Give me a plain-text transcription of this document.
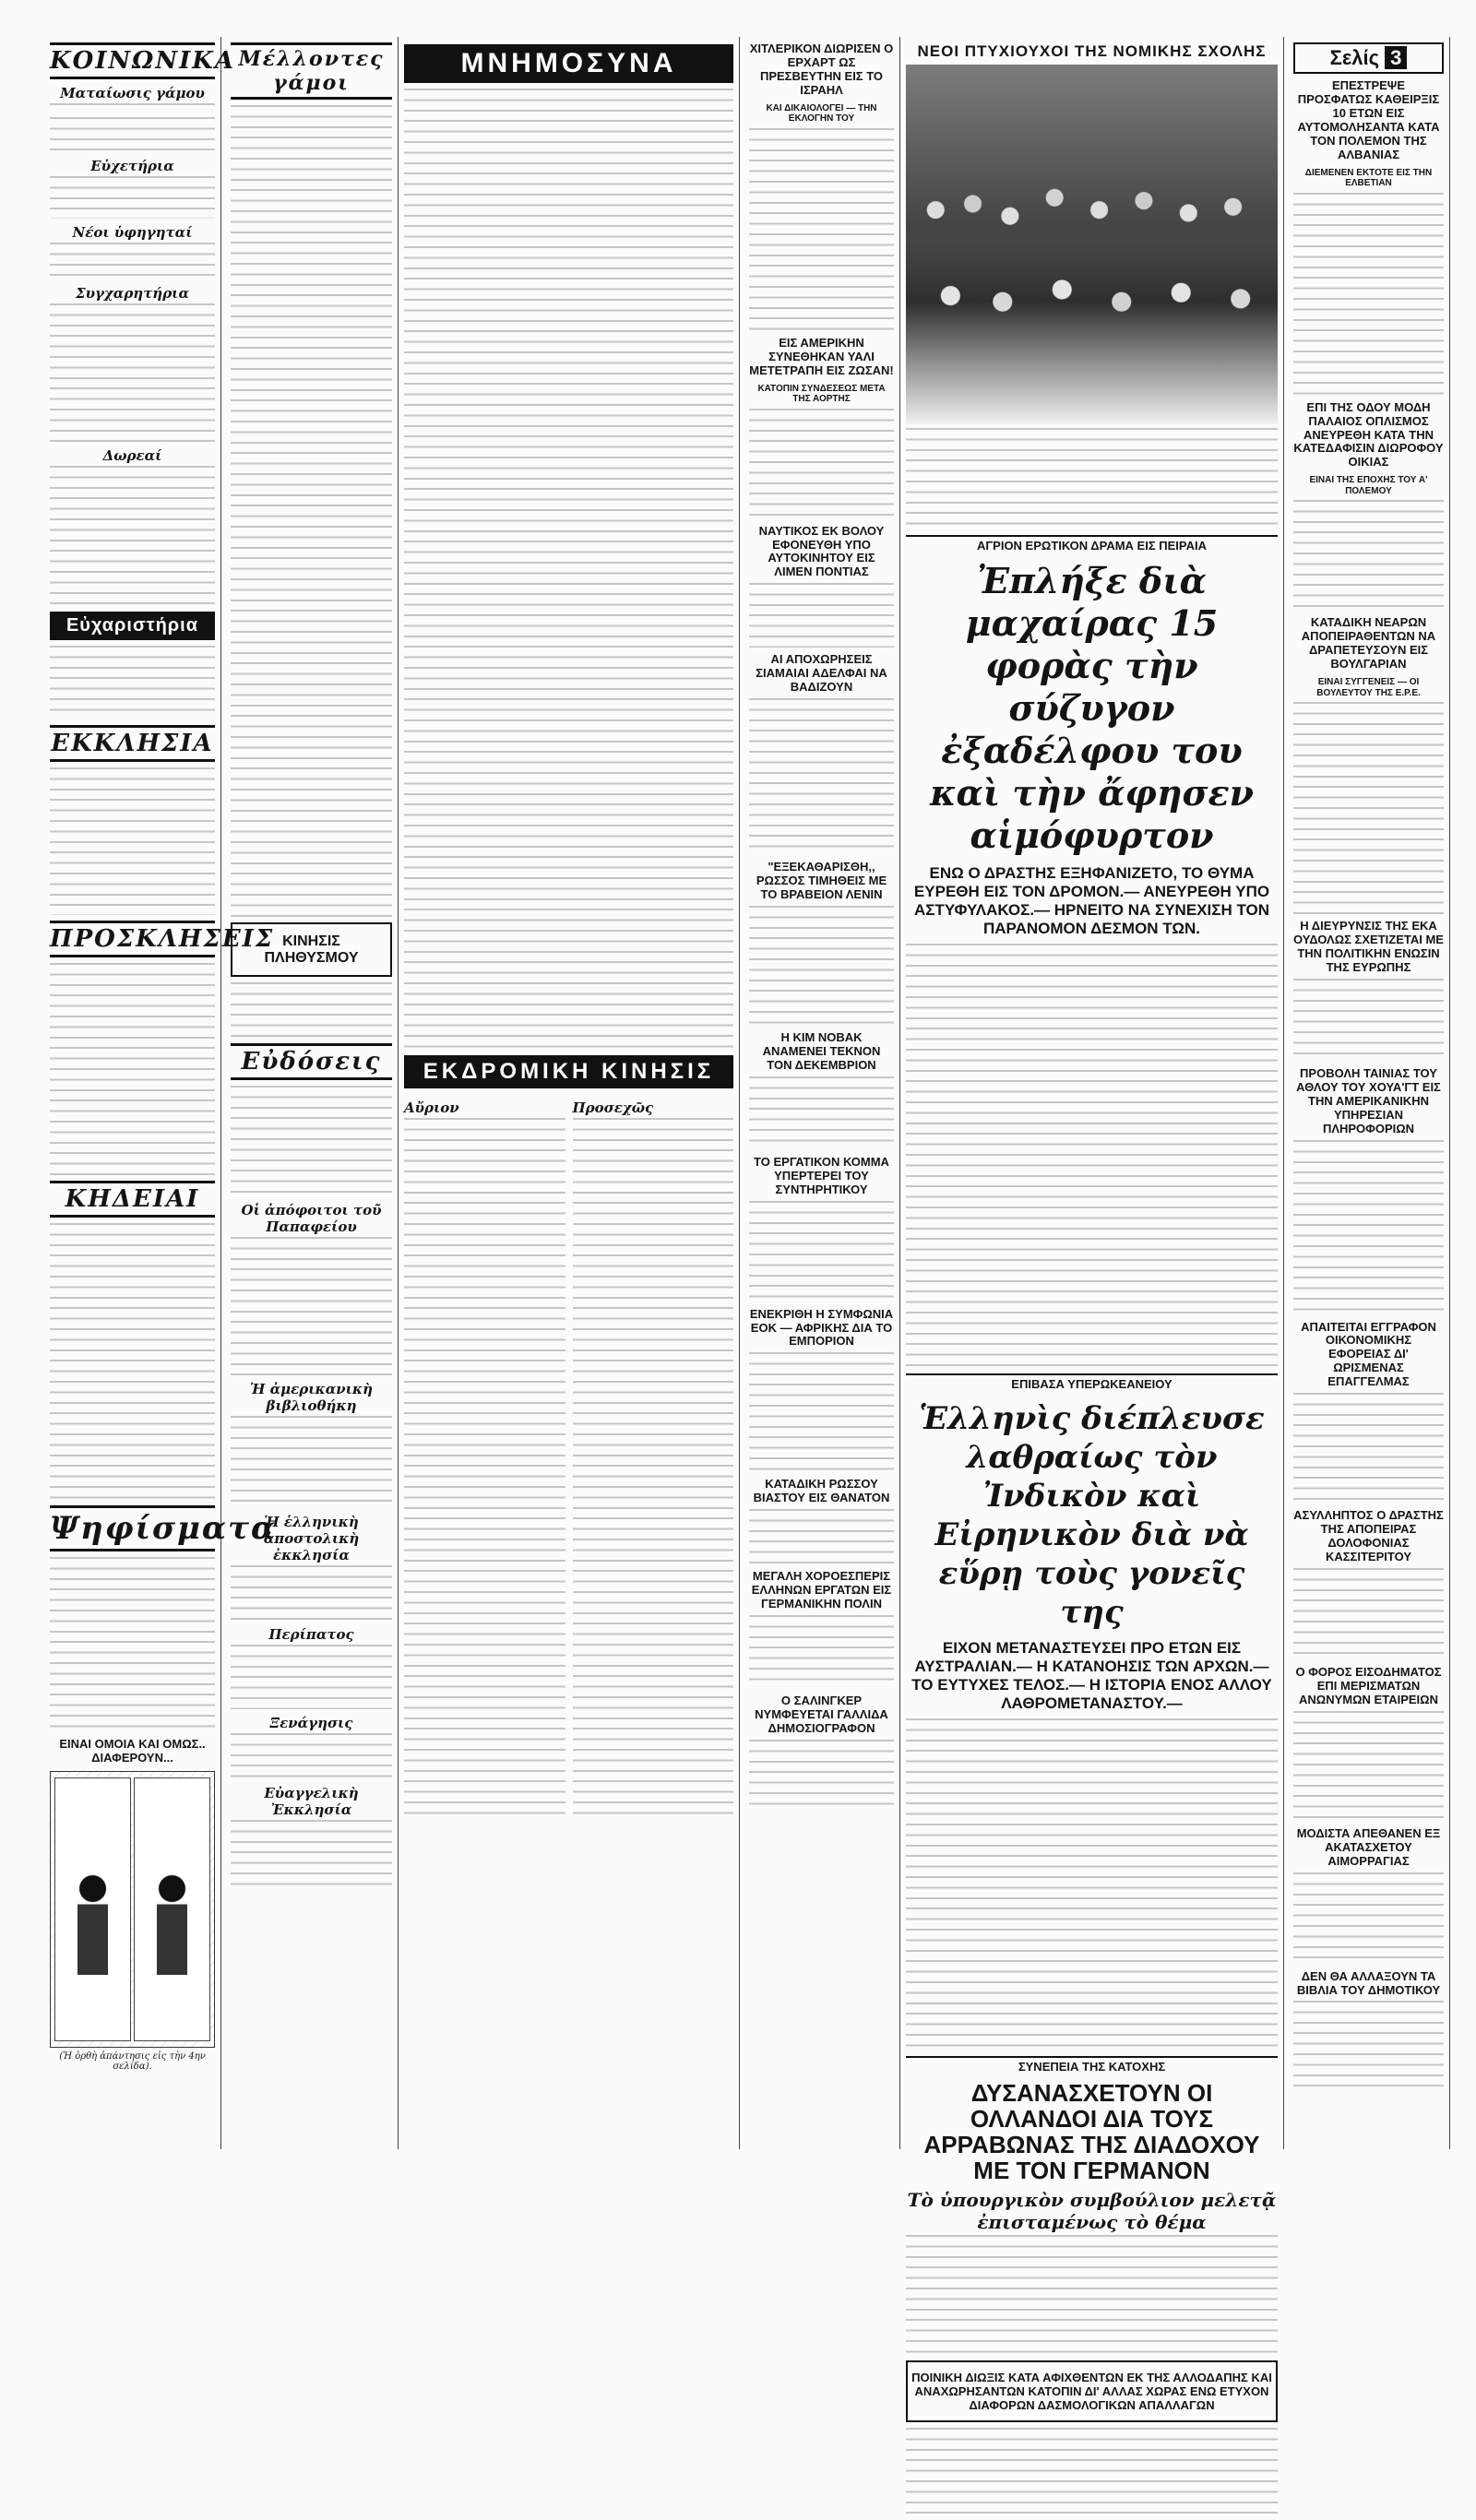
ΚΟΙΝΩΝΙΚΑ
Ματαίωσις γάμου

Εὐχετήρια

Νέοι ὑφηγηταί

Συγχαρητήρια

Δωρεαί

Εὐχαριστήρια

ΕΚΚΛΗΣΙΑ

ΠΡΟΣΚΛΗΣΕΙΣ

ΚΗΔΕΙΑΙ

Ψηφίσματα

ΕΙΝΑΙ ΟΜΟΙΑ ΚΑΙ ΟΜΩΣ.. ΔΙΑΦΕΡΟΥΝ...
(Ἡ ὀρθὴ ἀπάντησις εἰς τὴν 4ην σελίδα).
Μέλλοντες γάμοι

ΚΙΝΗΣΙΣ ΠΛΗΘΥΣΜΟΥ

Εὐδόσεις

Οἱ ἀπόφοιτοι τοῦ Παπαφείου

Ἡ ἀμερικανικὴ βιβλιοθήκη

Ἡ ἑλληνικὴ ἀποστολικὴ ἐκκλησία

Περίπατος

Ξενάγησις

Εὐαγγελικὴ Ἐκκλησία

ΜΝΗΜΟΣΥΝΑ

ΕΚΔΡΟΜΙΚΗ ΚΙΝΗΣΙΣ
Αὔριον	Προσεχῶς

ΧΙΤΛΕΡΙΚΟΝ ΔΙΩΡΙΣΕΝ Ο ΕΡΧΑΡΤ ΩΣ ΠΡΕΣΒΕΥΤΗΝ ΕΙΣ ΤΟ ΙΣΡΑΗΛ
ΚΑΙ ΔΙΚΑΙΟΛΟΓΕΙ — ΤΗΝ ΕΚΛΟΓΗΝ ΤΟΥ

ΕΙΣ ΑΜΕΡΙΚΗΝ ΣΥΝΕΘΗΚΑΝ ΥΑΛΙ ΜΕΤΕΤΡΑΠΗ ΕΙΣ ΖΩΣΑΝ!
ΚΑΤΟΠΙΝ ΣΥΝΔΕΣΕΩΣ ΜΕΤΑ ΤΗΣ ΑΟΡΤΗΣ

ΝΑΥΤΙΚΟΣ ΕΚ ΒΟΛΟΥ ΕΦΟΝΕΥΘΗ ΥΠΟ ΑΥΤΟΚΙΝΗΤΟΥ ΕΙΣ ΛΙΜΕΝ ΠΟΝΤΙΑΣ

ΑΙ ΑΠΟΧΩΡΗΣΕΙΣ ΣΙΑΜΑΙΑΙ ΑΔΕΛΦΑΙ ΝΑ ΒΑΔΙΖΟΥΝ

"ΕΞΕΚΑΘΑΡΙΣΘΗ,, ΡΩΣΣΟΣ ΤΙΜΗΘΕΙΣ ΜΕ ΤΟ ΒΡΑΒΕΙΟΝ ΛΕΝΙΝ

Η ΚΙΜ ΝΟΒΑΚ ΑΝΑΜΕΝΕΙ ΤΕΚΝΟΝ ΤΟΝ ΔΕΚΕΜΒΡΙΟΝ

ΤΟ ΕΡΓΑΤΙΚΟΝ ΚΟΜΜΑ ΥΠΕΡΤΕΡΕΙ ΤΟΥ ΣΥΝΤΗΡΗΤΙΚΟΥ

ΕΝΕΚΡΙΘΗ Η ΣΥΜΦΩΝΙΑ ΕΟΚ — ΑΦΡΙΚΗΣ ΔΙΑ ΤΟ ΕΜΠΟΡΙΟΝ

ΚΑΤΑΔΙΚΗ ΡΩΣΣΟΥ ΒΙΑΣΤΟΥ ΕΙΣ ΘΑΝΑΤΟΝ

ΜΕΓΑΛΗ ΧΟΡΟΕΣΠΕΡΙΣ ΕΛΛΗΝΩΝ ΕΡΓΑΤΩΝ ΕΙΣ ΓΕΡΜΑΝΙΚΗΝ ΠΟΛΙΝ

Ο ΣΑΛΙΝΓΚΕΡ ΝΥΜΦΕΥΕΤΑΙ ΓΑΛΛΙΔΑ ΔΗΜΟΣΙΟΓΡΑΦΟΝ

ΝΕΟΙ ΠΤΥΧΙΟΥΧΟΙ ΤΗΣ ΝΟΜΙΚΗΣ ΣΧΟΛΗΣ

ΑΓΡΙΟΝ ΕΡΩΤΙΚΟΝ ΔΡΑΜΑ ΕΙΣ ΠΕΙΡΑΙΑ
Ἐπλήξε διὰ μαχαίρας 15 φορὰς τὴν σύζυγον ἐξαδέλφου του καὶ τὴν ἄφησεν αἱμόφυρτον
ΕΝΩ Ο ΔΡΑΣΤΗΣ ΕΞΗΦΑΝΙΖΕΤΟ, ΤΟ ΘΥΜΑ ΕΥΡΕΘΗ ΕΙΣ ΤΟΝ ΔΡΟΜΟΝ.— ΑΝΕΥΡΕΘΗ ΥΠΟ ΑΣΤΥΦΥΛΑΚΟΣ.— ΗΡΝΕΙΤΟ ΝΑ ΣΥΝΕΧΙΣΗ ΤΟΝ ΠΑΡΑΝΟΜΟΝ ΔΕΣΜΟΝ ΤΩΝ.

ΕΠΙΒΑΣΑ ΥΠΕΡΩΚΕΑΝΕΙΟΥ
Ἑλληνὶς διέπλευσε λαθραίως τὸν Ἰνδικὸν καὶ Εἰρηνικὸν διὰ νὰ εὕρῃ τοὺς γονεῖς της
ΕΙΧΟΝ ΜΕΤΑΝΑΣΤΕΥΣΕΙ ΠΡΟ ΕΤΩΝ ΕΙΣ ΑΥΣΤΡΑΛΙΑΝ.— Η ΚΑΤΑΝΟΗΣΙΣ ΤΩΝ ΑΡΧΩΝ.— ΤΟ ΕΥΤΥΧΕΣ ΤΕΛΟΣ.— Η ΙΣΤΟΡΙΑ ΕΝΟΣ ΑΛΛΟΥ ΛΑΘΡΟΜΕΤΑΝΑΣΤΟΥ.—

ΣΥΝΕΠΕΙΑ ΤΗΣ ΚΑΤΟΧΗΣ
ΔΥΣΑΝΑΣΧΕΤΟΥΝ ΟΙ ΟΛΛΑΝΔΟΙ ΔΙΑ ΤΟΥΣ ΑΡΡΑΒΩΝΑΣ ΤΗΣ ΔΙΑΔΟΧΟΥ ΜΕ ΤΟΝ ΓΕΡΜΑΝΟΝ
Τὸ ὑπουργικὸν συμβούλιον μελετᾷ ἐπισταμένως τὸ θέμα

ΠΟΙΝΙΚΗ ΔΙΩΞΙΣ ΚΑΤΑ ΑΦΙΧΘΕΝΤΩΝ ΕΚ ΤΗΣ ΑΛΛΟΔΑΠΗΣ ΚΑΙ ΑΝΑΧΩΡΗΣΑΝΤΩΝ ΚΑΤΟΠΙΝ ΔΙ' ΑΛΛΑΣ ΧΩΡΑΣ ΕΝΩ ΕΤΥΧΟΝ ΔΙΑΦΟΡΩΝ ΔΑΣΜΟΛΟΓΙΚΩΝ ΑΠΑΛΛΑΓΩΝ

Σελίς 3
ΕΠΕΣΤΡΕΨΕ ΠΡΟΣΦΑΤΩΣ ΚΑΘΕΙΡΞΙΣ 10 ΕΤΩΝ ΕΙΣ ΑΥΤΟΜΟΛΗΣΑΝΤΑ ΚΑΤΑ ΤΟΝ ΠΟΛΕΜΟΝ ΤΗΣ ΑΛΒΑΝΙΑΣ
ΔΙΕΜΕΝΕΝ ΕΚΤΟΤΕ ΕΙΣ ΤΗΝ ΕΛΒΕΤΙΑΝ

ΕΠΙ ΤΗΣ ΟΔΟΥ ΜΟΔΗ ΠΑΛΑΙΟΣ ΟΠΛΙΣΜΟΣ ΑΝΕΥΡΕΘΗ ΚΑΤΑ ΤΗΝ ΚΑΤΕΔΑΦΙΣΙΝ ΔΙΩΡΟΦΟΥ ΟΙΚΙΑΣ
ΕΙΝΑΙ ΤΗΣ ΕΠΟΧΗΣ ΤΟΥ Α' ΠΟΛΕΜΟΥ

ΚΑΤΑΔΙΚΗ ΝΕΑΡΩΝ ΑΠΟΠΕΙΡΑΘΕΝΤΩΝ ΝΑ ΔΡΑΠΕΤΕΥΣΟΥΝ ΕΙΣ ΒΟΥΛΓΑΡΙΑΝ
ΕΙΝΑΙ ΣΥΓΓΕΝΕΙΣ — ΟΙ ΒΟΥΛΕΥΤΟΥ ΤΗΣ Ε.Ρ.Ε.

Η ΔΙΕΥΡΥΝΣΙΣ ΤΗΣ ΕΚΑ ΟΥΔΟΛΩΣ ΣΧΕΤΙΖΕΤΑΙ ΜΕ ΤΗΝ ΠΟΛΙΤΙΚΗΝ ΕΝΩΣΙΝ ΤΗΣ ΕΥΡΩΠΗΣ

ΠΡΟΒΟΛΗ ΤΑΙΝΙΑΣ ΤΟΥ ΑΘΛΟΥ ΤΟΥ ΧΟΥΑ'ΓΤ ΕΙΣ ΤΗΝ ΑΜΕΡΙΚΑΝΙΚΗΝ ΥΠΗΡΕΣΙΑΝ ΠΛΗΡΟΦΟΡΙΩΝ

ΑΠΑΙΤΕΙΤΑΙ ΕΓΓΡΑΦΟΝ ΟΙΚΟΝΟΜΙΚΗΣ ΕΦΟΡΕΙΑΣ ΔΙ' ΩΡΙΣΜΕΝΑΣ ΕΠΑΓΓΕΛΜΑΣ

ΑΣΥΛΛΗΠΤΟΣ Ο ΔΡΑΣΤΗΣ ΤΗΣ ΑΠΟΠΕΙΡΑΣ ΔΟΛΟΦΟΝΙΑΣ ΚΑΣΣΙΤΕΡΙΤΟΥ

Ο ΦΟΡΟΣ ΕΙΣΟΔΗΜΑΤΟΣ ΕΠΙ ΜΕΡΙΣΜΑΤΩΝ ΑΝΩΝΥΜΩΝ ΕΤΑΙΡΕΙΩΝ

ΜΟΔΙΣΤΑ ΑΠΕΘΑΝΕΝ ΕΞ ΑΚΑΤΑΣΧΕΤΟΥ ΑΙΜΟΡΡΑΓΙΑΣ

ΔΕΝ ΘΑ ΑΛΛΑΞΟΥΝ ΤΑ ΒΙΒΛΙΑ ΤΟΥ ΔΗΜΟΤΙΚΟΥ
